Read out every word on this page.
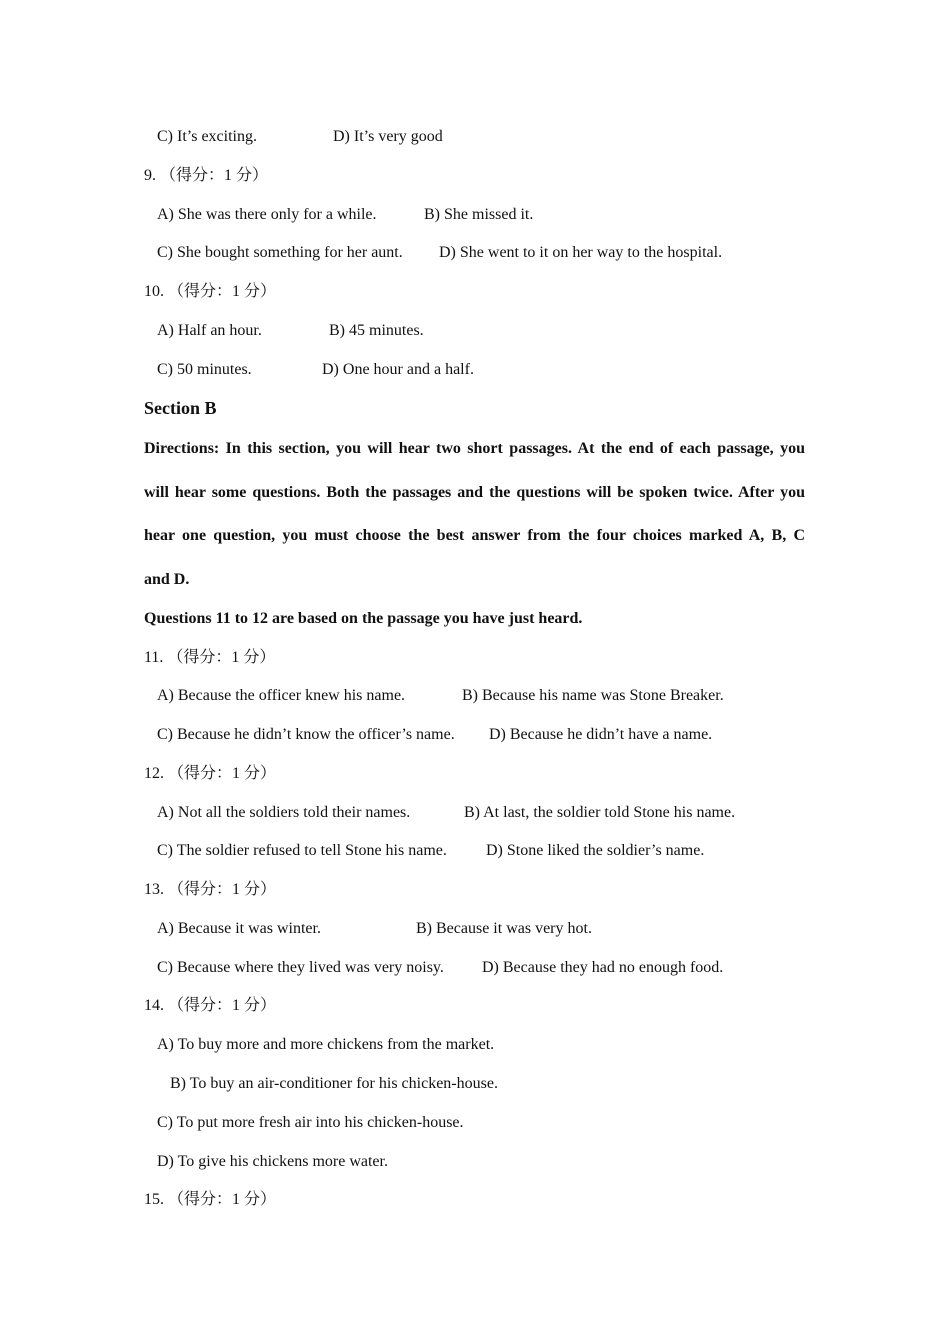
C) It’s exciting.	D) It’s very good
9. （得分：1 分）
A) She was there only for a while.	B) She missed it.
C) She bought something for her aunt. D) She went to it on her way to the hospital.
10. （得分：1 分）
A) Half an hour.	B) 45 minutes.
C) 50 minutes.	D) One hour and a half.
Section B
Directions: In this section, you will hear two short passages. At the end of each passage, you
will hear some questions. Both the passages and the questions will be spoken twice. After you
hear one question, you must choose the best answer from the four choices marked A, B, C
and D.
Questions 11 to 12 are based on the passage you have just heard.
11. （得分：1 分）
A) Because the officer knew his name.	B) Because his name was Stone Breaker.
C) Because he didn’t know the officer’s name. D) Because he didn’t have a name.
12. （得分：1 分）
A) Not all the soldiers told their names.	B) At last, the soldier told Stone his name.
C) The soldier refused to tell Stone his name. D) Stone liked the soldier’s name.
13. （得分：1 分）
A) Because it was winter.	B) Because it was very hot.
C) Because where they lived was very noisy. D) Because they had no enough food.
14. （得分：1 分）
A) To buy more and more chickens from the market.
B) To buy an air-conditioner for his chicken-house.
C) To put more fresh air into his chicken-house.
D) To give his chickens more water.
15. （得分：1 分）
